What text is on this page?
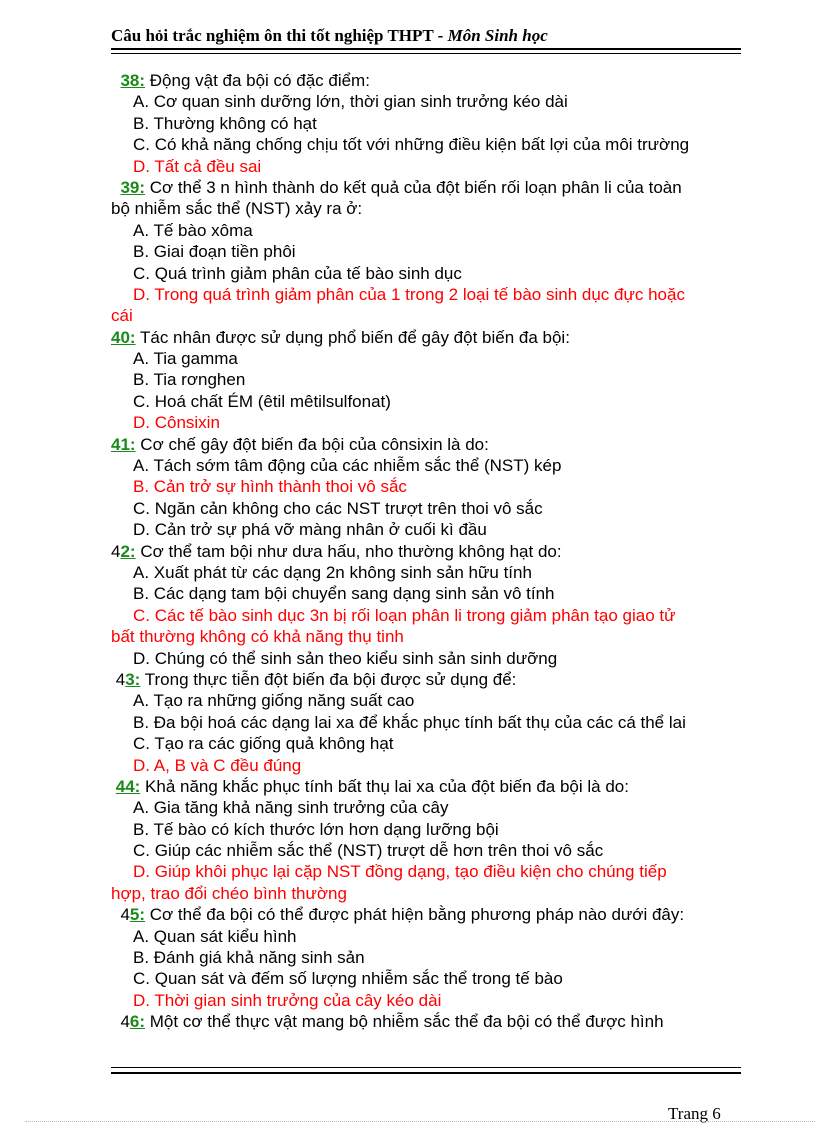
Câu hỏi trắc nghiệm ôn thi tốt nghiệp THPT - Môn Sinh học
38: Động vật đa bội có đặc điểm:
A. Cơ quan sinh dưỡng lớn, thời gian sinh trưởng kéo dài
B. Thường không có hạt
C. Có khả năng chống chịu tốt với những điều kiện bất lợi của môi trường
D. Tất cả đều sai
39: Cơ thể 3 n hình thành do kết quả của đột biến rối loạn phân li của toàn
bộ nhiễm sắc thể (NST) xảy ra ở:
A. Tế bào xôma
B. Giai đoạn tiền phôi
C. Quá trình giảm phân của tế bào sinh dục
D. Trong quá trình giảm phân của 1 trong 2 loại tế bào sinh dục đực hoặc
cái
40: Tác nhân được sử dụng phổ biến để gây đột biến đa bội:
A. Tia gamma
B. Tia rơnghen
C. Hoá chất ÉM (êtil mêtilsulfonat)
D. Cônsixin
41: Cơ chế gây đột biến đa bội của cônsixin là do:
A. Tách sớm tâm động của các nhiễm sắc thể (NST) kép
B. Cản trở sự hình thành thoi vô sắc
C. Ngăn cản không cho các NST trượt trên thoi vô sắc
D. Cản trở sự phá vỡ màng nhân ở cuối kì đầu
42: Cơ thể tam bội như dưa hấu, nho thường không hạt do:
A. Xuất phát từ các dạng 2n không sinh sản hữu tính
B. Các dạng tam bội chuyển sang dạng sinh sản vô tính
C. Các tế bào sinh dục 3n bị rối loạn phân li trong giảm phân tạo giao tử
bất thường không có khả năng thụ tinh
D. Chúng có thể sinh sản theo kiểu sinh sản sinh dưỡng
43: Trong thực tiễn đột biến đa bội được sử dụng để:
A. Tạo ra những giống năng suất cao
B. Đa bội hoá các dạng lai xa để khắc phục tính bất thụ của các cá thể lai
C. Tạo ra các giống quả không hạt
D. A, B và C đều đúng
44: Khả năng khắc phục tính bất thụ lai xa của đột biến đa bội là do:
A. Gia tăng khả năng sinh trưởng của cây
B. Tế bào có kích thước lớn hơn dạng lưỡng bội
C. Giúp các nhiễm sắc thể (NST) trượt dễ hơn trên thoi vô sắc
D. Giúp khôi phục lại cặp NST đồng dạng, tạo điều kiện cho chúng tiếp
hợp, trao đổi chéo bình thường
45: Cơ thể đa bội có thể được phát hiện bằng phương pháp nào dưới đây:
A. Quan sát kiểu hình
B. Đánh giá khả năng sinh sản
C. Quan sát và đếm số lượng nhiễm sắc thể trong tế bào
D. Thời gian sinh trưởng của cây kéo dài
46: Một cơ thể thực vật mang bộ nhiễm sắc thể đa bội có thể được hình
Trang 6
